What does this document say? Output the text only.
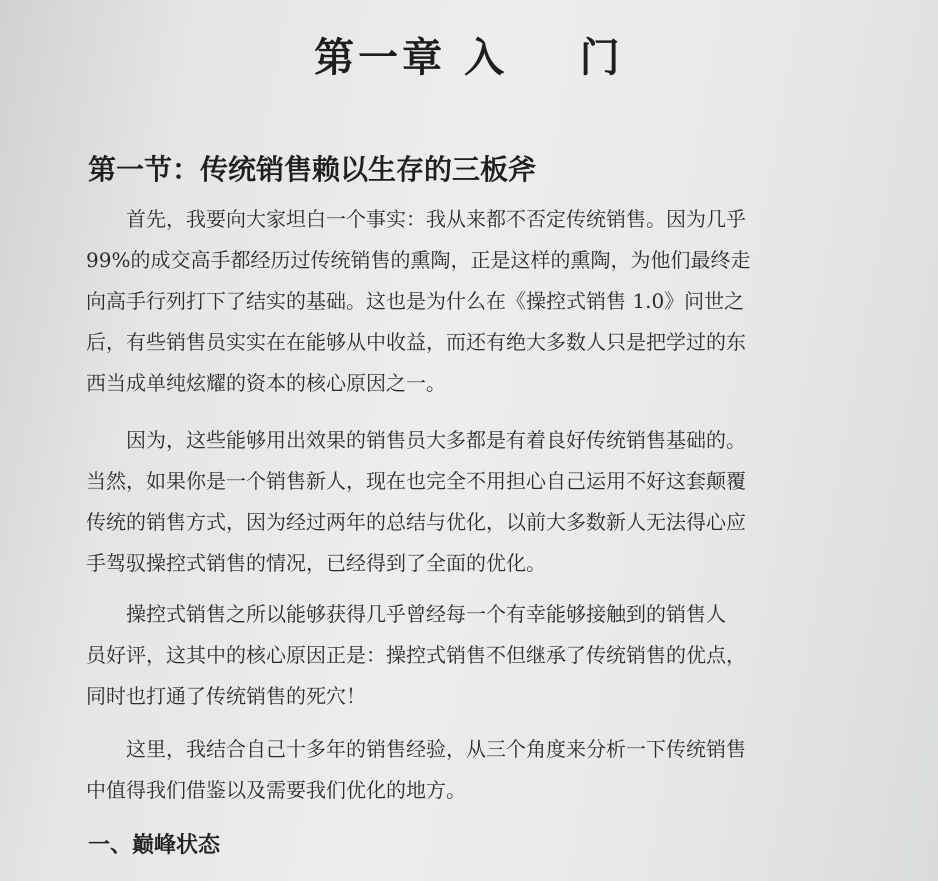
第一章 入    门
第一节：传统销售赖以生存的三板斧
首先，我要向大家坦白一个事实：我从来都不否定传统销售。因为几乎
99%的成交高手都经历过传统销售的熏陶，正是这样的熏陶，为他们最终走
向高手行列打下了结实的基础。这也是为什么在《操控式销售 1.0》问世之
后，有些销售员实实在在能够从中收益，而还有绝大多数人只是把学过的东
西当成单纯炫耀的资本的核心原因之一。
因为，这些能够用出效果的销售员大多都是有着良好传统销售基础的。
当然，如果你是一个销售新人，现在也完全不用担心自己运用不好这套颠覆
传统的销售方式，因为经过两年的总结与优化，以前大多数新人无法得心应
手驾驭操控式销售的情况，已经得到了全面的优化。
操控式销售之所以能够获得几乎曾经每一个有幸能够接触到的销售人
员好评，这其中的核心原因正是：操控式销售不但继承了传统销售的优点，
同时也打通了传统销售的死穴！
这里，我结合自己十多年的销售经验，从三个角度来分析一下传统销售
中值得我们借鉴以及需要我们优化的地方。
一、巅峰状态
